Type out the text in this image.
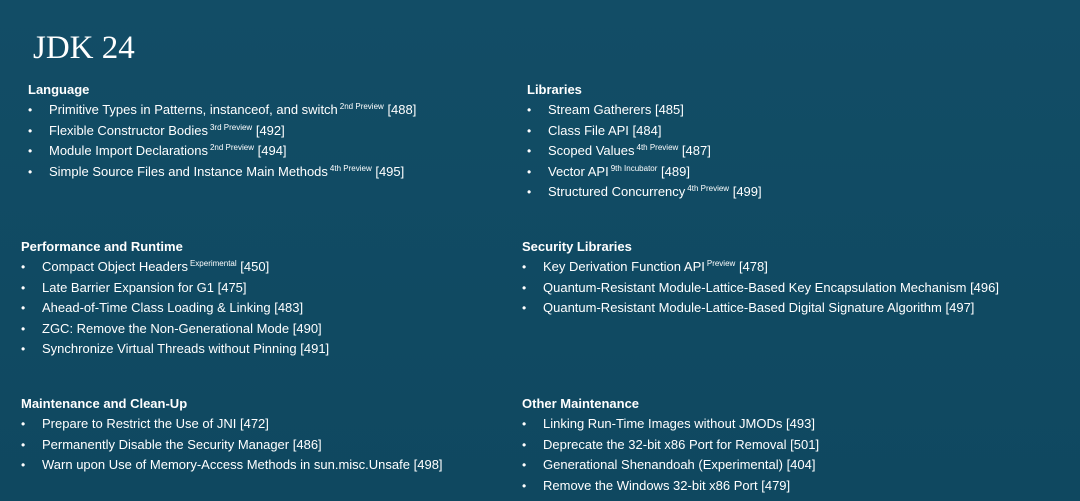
JDK 24
Language
• Primitive Types in Patterns, instanceof, and switch $^{2nd Preview}$ [488]
• Flexible Constructor Bodies $^{3rd Preview}$ [492]
• Module Import Declarations $^{2nd Preview}$ [494]
• Simple Source Files and Instance Main Methods $^{4th Preview}$ [495]
Libraries
• Stream Gatherers [485]
• Class File API [484]
• Scoped Values $^{4th Preview}$ [487]
• Vector API $^{9th Incubator}$ [489]
• Structured Concurrency $^{4th Preview}$ [499]
Performance and Runtime
• Compact Object Headers $^{Experimental}$ [450]
• Late Barrier Expansion for G1 [475]
• Ahead-of-Time Class Loading & Linking [483]
• ZGC: Remove the Non-Generational Mode [490]
• Synchronize Virtual Threads without Pinning [491]
Security Libraries
• Key Derivation Function API $^{Preview}$ [478]
• Quantum-Resistant Module-Lattice-Based Key Encapsulation Mechanism [496]
• Quantum-Resistant Module-Lattice-Based Digital Signature Algorithm [497]
Maintenance and Clean-Up
• Prepare to Restrict the Use of JNI [472]
• Permanently Disable the Security Manager [486]
• Warn upon Use of Memory-Access Methods in sun.misc.Unsafe [498]
Other Maintenance
• Linking Run-Time Images without JMODs [493]
• Deprecate the 32-bit x86 Port for Removal [501]
• Generational Shenandoah (Experimental) [404]
• Remove the Windows 32-bit x86 Port [479]
